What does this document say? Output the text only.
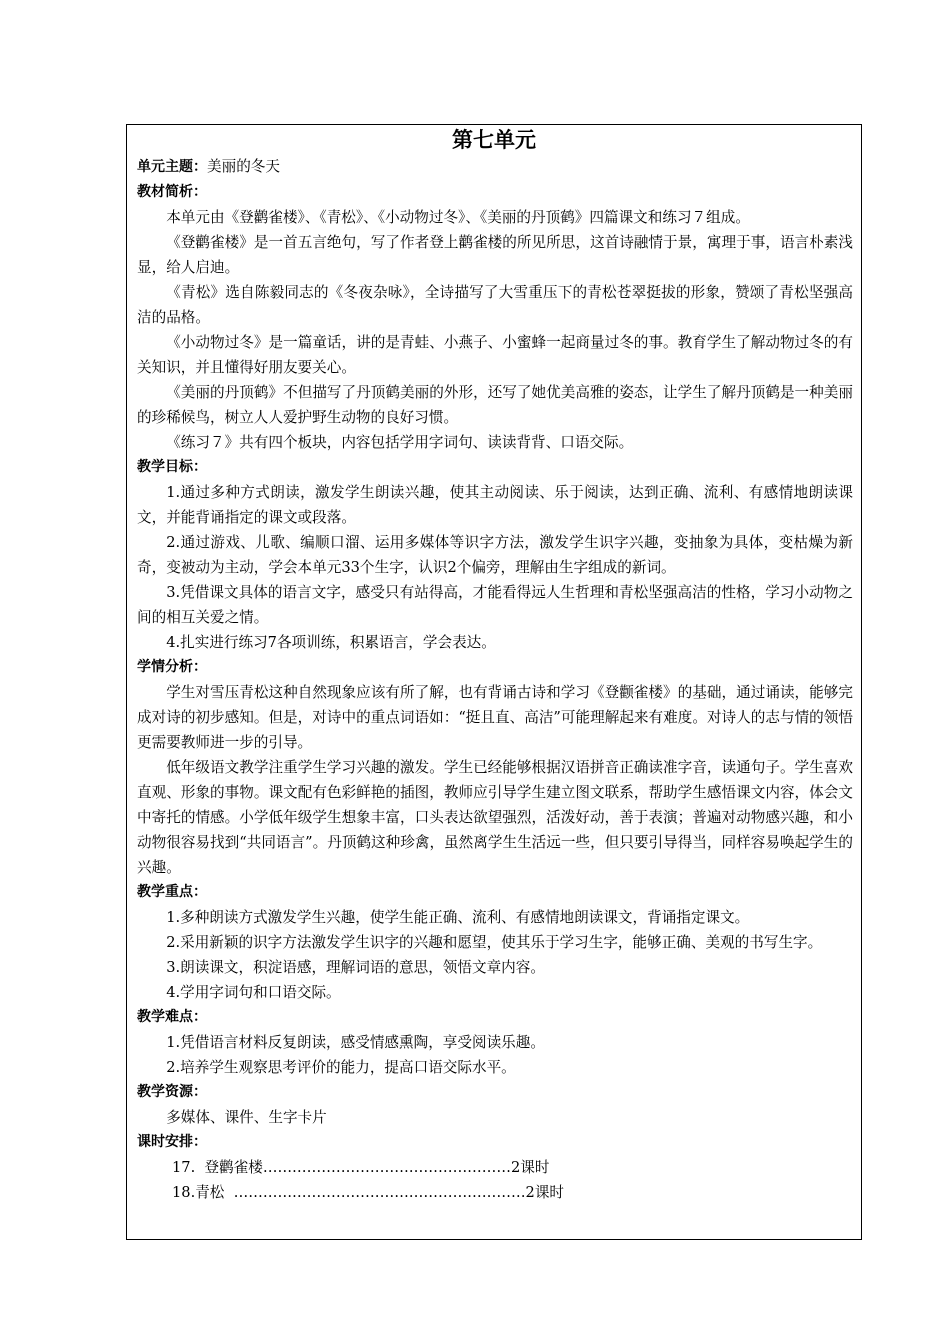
第七单元

单元主题：美丽的冬天

教材简析：

本单元由《登鹳雀楼》、《青松》、《小动物过冬》、《美丽的丹顶鹤》四篇课文和练习７组成。

《登鹳雀楼》是一首五言绝句，写了作者登上鹳雀楼的所见所思，这首诗融情于景，寓理于事，语言朴素浅显，给人启迪。

《青松》选自陈毅同志的《冬夜杂咏》，全诗描写了大雪重压下的青松苍翠挺拔的形象，赞颂了青松坚强高洁的品格。

《小动物过冬》是一篇童话，讲的是青蛙、小燕子、小蜜蜂一起商量过冬的事。教育学生了解动物过冬的有关知识，并且懂得好朋友要关心。

《美丽的丹顶鹤》不但描写了丹顶鹤美丽的外形，还写了她优美高雅的姿态，让学生了解丹顶鹤是一种美丽的珍稀候鸟，树立人人爱护野生动物的良好习惯。

《练习７》共有四个板块，内容包括学用字词句、读读背背、口语交际。

教学目标：

1.通过多种方式朗读，激发学生朗读兴趣，使其主动阅读、乐于阅读，达到正确、流利、有感情地朗读课文，并能背诵指定的课文或段落。

2.通过游戏、儿歌、编顺口溜、运用多媒体等识字方法，激发学生识字兴趣，变抽象为具体，变枯燥为新奇，变被动为主动，学会本单元33个生字，认识2个偏旁，理解由生字组成的新词。

3.凭借课文具体的语言文字，感受只有站得高，才能看得远人生哲理和青松坚强高洁的性格，学习小动物之间的相互关爱之情。

4.扎实进行练习7各项训练，积累语言，学会表达。

学情分析：

学生对雪压青松这种自然现象应该有所了解，也有背诵古诗和学习《登颧雀楼》的基础，通过诵读，能够完成对诗的初步感知。但是，对诗中的重点词语如：“挺且直、高洁”可能理解起来有难度。对诗人的志与情的领悟更需要教师进一步的引导。

低年级语文教学注重学生学习兴趣的激发。学生已经能够根据汉语拼音正确读准字音，读通句子。学生喜欢直观、形象的事物。课文配有色彩鲜艳的插图，教师应引导学生建立图文联系，帮助学生感悟课文内容，体会文中寄托的情感。小学低年级学生想象丰富，口头表达欲望强烈，活泼好动，善于表演；普遍对动物感兴趣，和小动物很容易找到“共同语言”。丹顶鹤这种珍禽，虽然离学生生活远一些，但只要引导得当，同样容易唤起学生的兴趣。

教学重点：

1.多种朗读方式激发学生兴趣，使学生能正确、流利、有感情地朗读课文，背诵指定课文。

2.采用新颖的识字方法激发学生识字的兴趣和愿望，使其乐于学习生字，能够正确、美观的书写生字。

3.朗读课文，积淀语感，理解词语的意思，领悟文章内容。

4.学用字词句和口语交际。

教学难点：

1.凭借语言材料反复朗读，感受情感熏陶，享受阅读乐趣。

2.培养学生观察思考评价的能力，提高口语交际水平。

教学资源：

多媒体、课件、生字卡片

课时安排：

17.  登鹳雀楼……………………………………………2课时

18.青松  ……………………………………………………2课时
